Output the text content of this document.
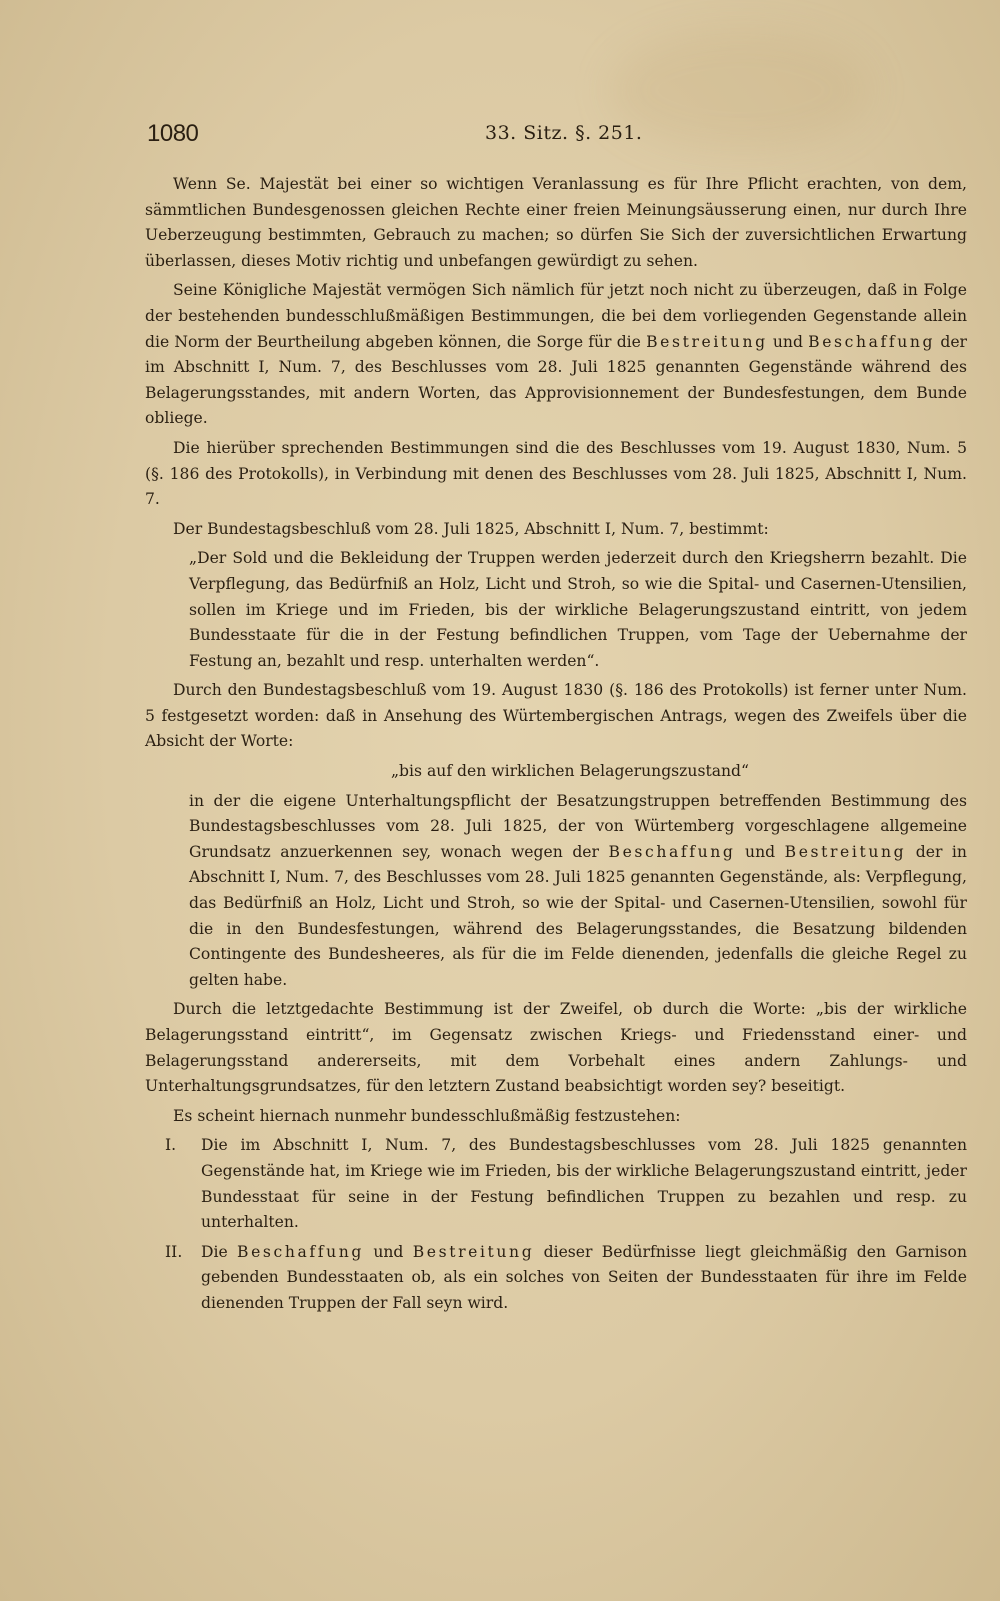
1080	33. Sitz. §. 251.

Wenn Se. Majestät bei einer so wichtigen Veranlassung es für Ihre Pflicht erachten, von dem, sämmtlichen Bundesgenossen gleichen Rechte einer freien Meinungsäusserung einen, nur durch Ihre Ueberzeugung bestimmten, Gebrauch zu machen; so dürfen Sie Sich der zuversichtlichen Erwartung überlassen, dieses Motiv richtig und unbefangen gewürdigt zu sehen.

Seine Königliche Majestät vermögen Sich nämlich für jetzt noch nicht zu überzeugen, daß in Folge der bestehenden bundesschlußmäßigen Bestimmungen, die bei dem vorliegenden Gegenstande allein die Norm der Beurtheilung abgeben können, die Sorge für die Bestreitung und Beschaffung der im Abschnitt I, Num. 7, des Beschlusses vom 28. Juli 1825 genannten Gegenstände während des Belagerungsstandes, mit andern Worten, das Approvisionnement der Bundesfestungen, dem Bunde obliege.

Die hierüber sprechenden Bestimmungen sind die des Beschlusses vom 19. August 1830, Num. 5 (§. 186 des Protokolls), in Verbindung mit denen des Beschlusses vom 28. Juli 1825, Abschnitt I, Num. 7.

Der Bundestagsbeschluß vom 28. Juli 1825, Abschnitt I, Num. 7, bestimmt:

„Der Sold und die Bekleidung der Truppen werden jederzeit durch den Kriegsherrn bezahlt. Die Verpflegung, das Bedürfniß an Holz, Licht und Stroh, so wie die Spital- und Casernen-Utensilien, sollen im Kriege und im Frieden, bis der wirkliche Belagerungszustand eintritt, von jedem Bundesstaate für die in der Festung befindlichen Truppen, vom Tage der Uebernahme der Festung an, bezahlt und resp. unterhalten werden“.

Durch den Bundestagsbeschluß vom 19. August 1830 (§. 186 des Protokolls) ist ferner unter Num. 5 festgesetzt worden: daß in Ansehung des Würtembergischen Antrags, wegen des Zweifels über die Absicht der Worte:

„bis auf den wirklichen Belagerungszustand“

in der die eigene Unterhaltungspflicht der Besatzungstruppen betreffenden Bestimmung des Bundestagsbeschlusses vom 28. Juli 1825, der von Würtemberg vorgeschlagene allgemeine Grundsatz anzuerkennen sey, wonach wegen der Beschaffung und Bestreitung der in Abschnitt I, Num. 7, des Beschlusses vom 28. Juli 1825 genannten Gegenstände, als: Verpflegung, das Bedürfniß an Holz, Licht und Stroh, so wie der Spital- und Casernen-Utensilien, sowohl für die in den Bundesfestungen, während des Belagerungsstandes, die Besatzung bildenden Contingente des Bundesheeres, als für die im Felde dienenden, jedenfalls die gleiche Regel zu gelten habe.

Durch die letztgedachte Bestimmung ist der Zweifel, ob durch die Worte: „bis der wirkliche Belagerungsstand eintritt“, im Gegensatz zwischen Kriegs- und Friedensstand einer- und Belagerungsstand andererseits, mit dem Vorbehalt eines andern Zahlungs- und Unterhaltungsgrundsatzes, für den letztern Zustand beabsichtigt worden sey? beseitigt.

Es scheint hiernach nunmehr bundesschlußmäßig festzustehen:

I. Die im Abschnitt I, Num. 7, des Bundestagsbeschlusses vom 28. Juli 1825 genannten Gegenstände hat, im Kriege wie im Frieden, bis der wirkliche Belagerungszustand eintritt, jeder Bundesstaat für seine in der Festung befindlichen Truppen zu bezahlen und resp. zu unterhalten.
II. Die Beschaffung und Bestreitung dieser Bedürfnisse liegt gleichmäßig den Garnison gebenden Bundesstaaten ob, als ein solches von Seiten der Bundesstaaten für ihre im Felde dienenden Truppen der Fall seyn wird.
